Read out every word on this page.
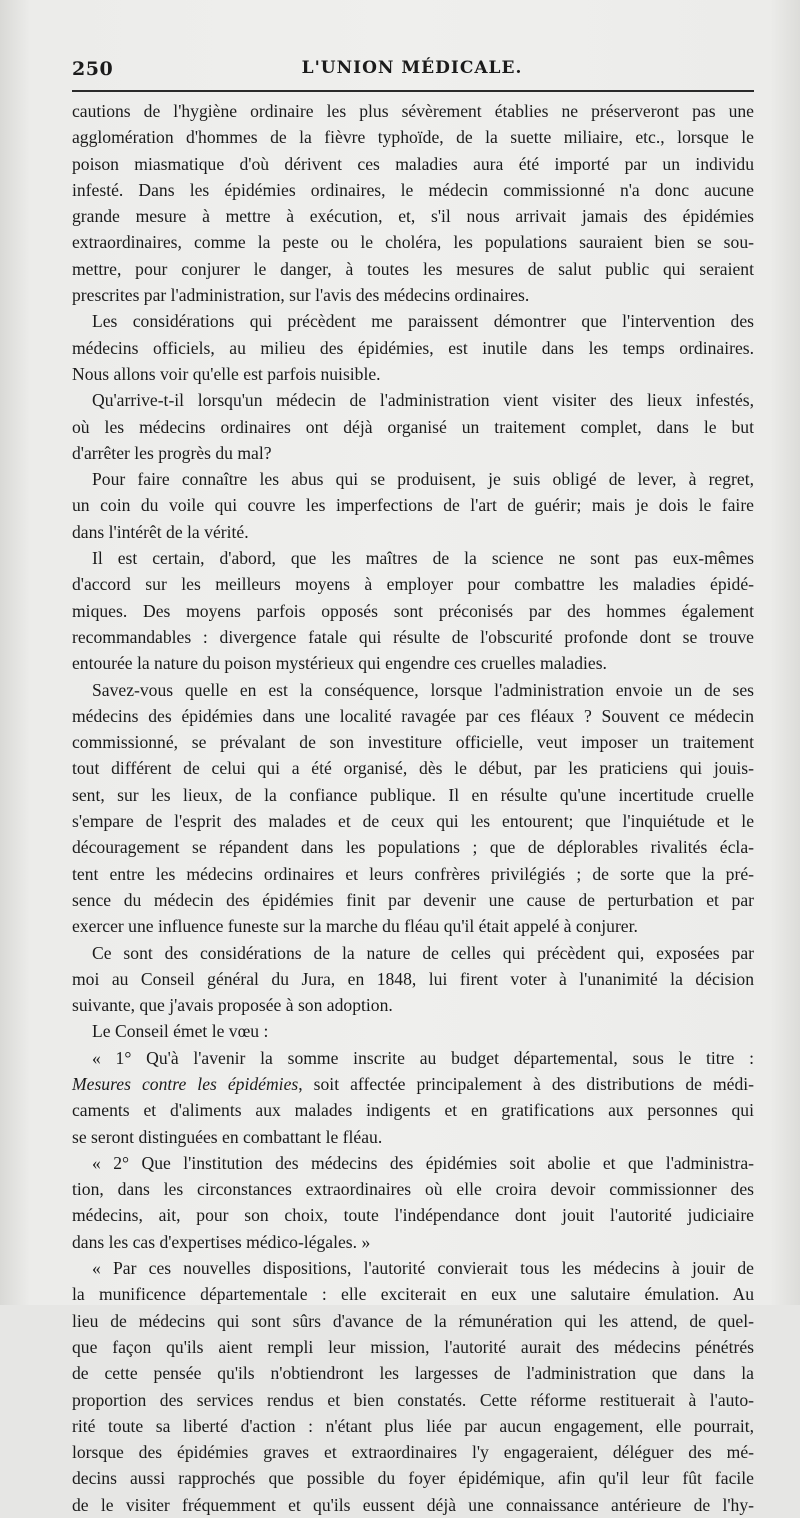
250	L'UNION MÉDICALE.
cautions de l'hygiène ordinaire les plus sévèrement établies ne préserveront pas une
agglomération d'hommes de la fièvre typhoïde, de la suette miliaire, etc., lorsque le
poison miasmatique d'où dérivent ces maladies aura été importé par un individu
infesté. Dans les épidémies ordinaires, le médecin commissionné n'a donc aucune
grande mesure à mettre à exécution, et, s'il nous arrivait jamais des épidémies
extraordinaires, comme la peste ou le choléra, les populations sauraient bien se sou-
mettre, pour conjurer le danger, à toutes les mesures de salut public qui seraient
prescrites par l'administration, sur l'avis des médecins ordinaires.
Les considérations qui précèdent me paraissent démontrer que l'intervention des
médecins officiels, au milieu des épidémies, est inutile dans les temps ordinaires.
Nous allons voir qu'elle est parfois nuisible.
Qu'arrive-t-il lorsqu'un médecin de l'administration vient visiter des lieux infestés,
où les médecins ordinaires ont déjà organisé un traitement complet, dans le but
d'arrêter les progrès du mal?
Pour faire connaître les abus qui se produisent, je suis obligé de lever, à regret,
un coin du voile qui couvre les imperfections de l'art de guérir; mais je dois le faire
dans l'intérêt de la vérité.
Il est certain, d'abord, que les maîtres de la science ne sont pas eux-mêmes
d'accord sur les meilleurs moyens à employer pour combattre les maladies épidé-
miques. Des moyens parfois opposés sont préconisés par des hommes également
recommandables : divergence fatale qui résulte de l'obscurité profonde dont se trouve
entourée la nature du poison mystérieux qui engendre ces cruelles maladies.
Savez-vous quelle en est la conséquence, lorsque l'administration envoie un de ses
médecins des épidémies dans une localité ravagée par ces fléaux ? Souvent ce médecin
commissionné, se prévalant de son investiture officielle, veut imposer un traitement
tout différent de celui qui a été organisé, dès le début, par les praticiens qui jouis-
sent, sur les lieux, de la confiance publique. Il en résulte qu'une incertitude cruelle
s'empare de l'esprit des malades et de ceux qui les entourent; que l'inquiétude et le
découragement se répandent dans les populations ; que de déplorables rivalités écla-
tent entre les médecins ordinaires et leurs confrères privilégiés ; de sorte que la pré-
sence du médecin des épidémies finit par devenir une cause de perturbation et par
exercer une influence funeste sur la marche du fléau qu'il était appelé à conjurer.
Ce sont des considérations de la nature de celles qui précèdent qui, exposées par
moi au Conseil général du Jura, en 1848, lui firent voter à l'unanimité la décision
suivante, que j'avais proposée à son adoption.
Le Conseil émet le vœu :
« 1° Qu'à l'avenir la somme inscrite au budget départemental, sous le titre :
Mesures contre les épidémies, soit affectée principalement à des distributions de médi-
caments et d'aliments aux malades indigents et en gratifications aux personnes qui
se seront distinguées en combattant le fléau.
« 2° Que l'institution des médecins des épidémies soit abolie et que l'administra-
tion, dans les circonstances extraordinaires où elle croira devoir commissionner des
médecins, ait, pour son choix, toute l'indépendance dont jouit l'autorité judiciaire
dans les cas d'expertises médico-légales. »
« Par ces nouvelles dispositions, l'autorité convierait tous les médecins à jouir de
la munificence départementale : elle exciterait en eux une salutaire émulation. Au
lieu de médecins qui sont sûrs d'avance de la rémunération qui les attend, de quel-
que façon qu'ils aient rempli leur mission, l'autorité aurait des médecins pénétrés
de cette pensée qu'ils n'obtiendront les largesses de l'administration que dans la
proportion des services rendus et bien constatés. Cette réforme restituerait à l'auto-
rité toute sa liberté d'action : n'étant plus liée par aucun engagement, elle pourrait,
lorsque des épidémies graves et extraordinaires l'y engageraient, déléguer des mé-
decins aussi rapprochés que possible du foyer épidémique, afin qu'il leur fût facile
de le visiter fréquemment et qu'ils eussent déjà une connaissance antérieure de l'hy-
